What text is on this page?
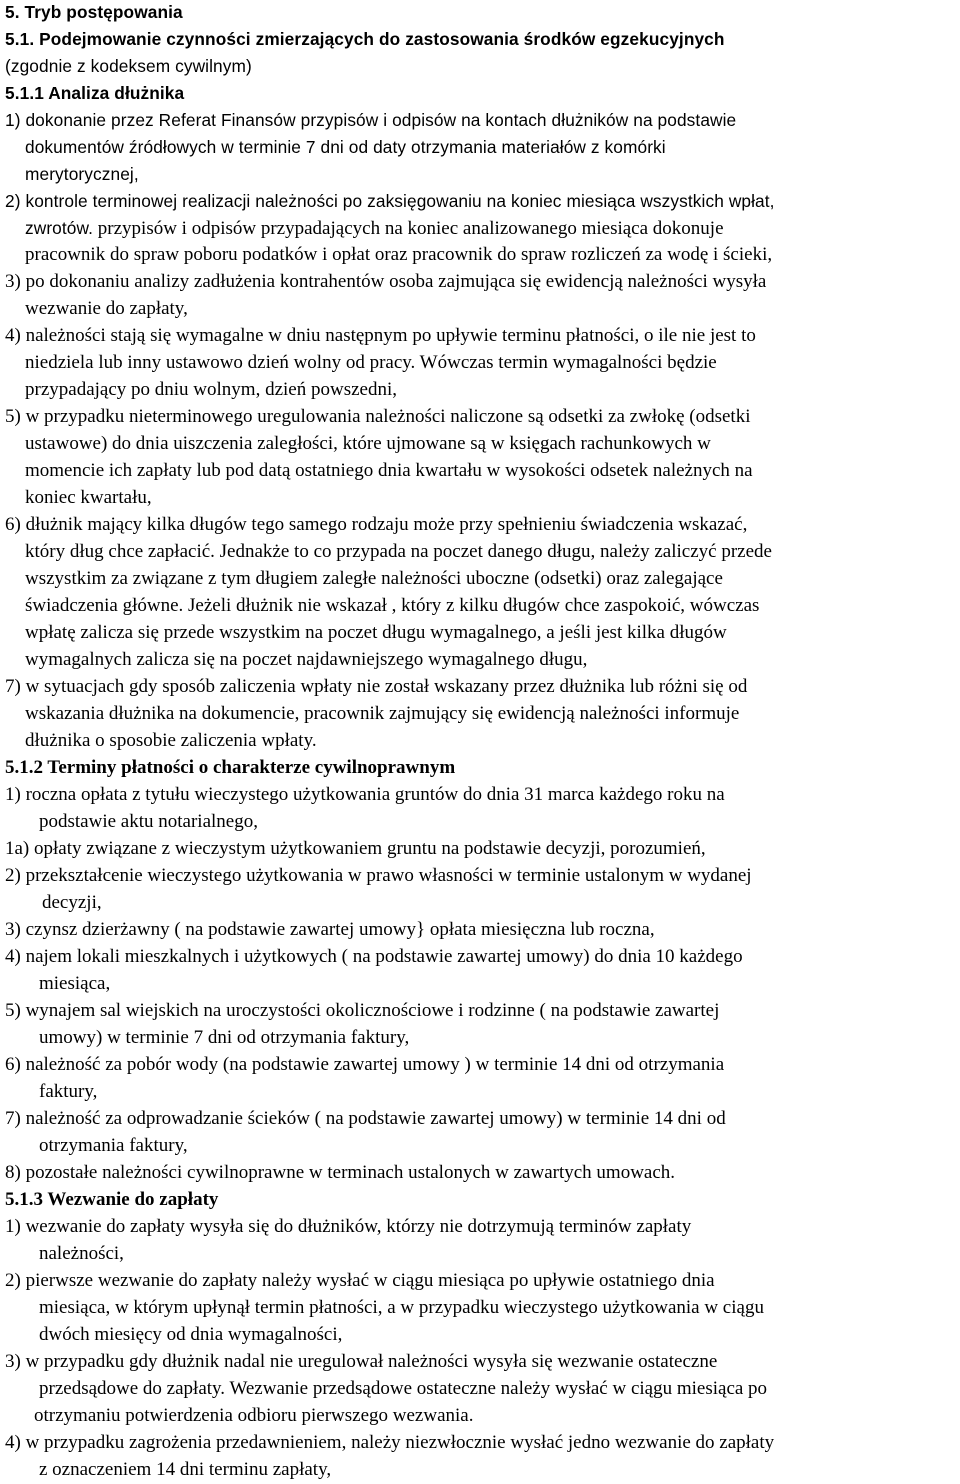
5. Tryb postępowania
5.1. Podejmowanie czynności zmierzających do zastosowania środków egzekucyjnych
(zgodnie z kodeksem cywilnym)
5.1.1 Analiza dłużnika
1) dokonanie przez Referat Finansów przypisów i odpisów na kontach dłużników na podstawie
dokumentów źródłowych w terminie 7 dni od daty otrzymania materiałów z komórki
merytorycznej,
2) kontrole terminowej realizacji należności po zaksięgowaniu na koniec miesiąca wszystkich wpłat,
zwrotów. przypisów i odpisów przypadających na koniec analizowanego miesiąca dokonuje
pracownik do spraw poboru podatków i opłat oraz pracownik do spraw rozliczeń za wodę i ścieki,
3) po dokonaniu analizy zadłużenia kontrahentów osoba zajmująca się ewidencją należności wysyła
wezwanie do zapłaty,
4) należności stają się wymagalne w dniu następnym po upływie terminu płatności, o ile nie jest to
niedziela lub inny ustawowo dzień wolny od pracy. Wówczas termin wymagalności będzie
przypadający po dniu wolnym, dzień powszedni,
5) w przypadku nieterminowego uregulowania należności naliczone są odsetki za zwłokę (odsetki
ustawowe) do dnia uiszczenia zaległości, które ujmowane są w księgach rachunkowych w
momencie ich zapłaty lub pod datą ostatniego dnia kwartału w wysokości odsetek należnych na
koniec kwartału,
6) dłużnik mający kilka długów tego samego rodzaju może przy spełnieniu świadczenia wskazać,
który dług chce zapłacić. Jednakże to co przypada na poczet danego długu, należy zaliczyć przede
wszystkim za związane z tym długiem zaległe należności uboczne (odsetki) oraz zalegające
świadczenia główne. Jeżeli dłużnik nie wskazał , który z kilku długów chce zaspokoić, wówczas
wpłatę zalicza się przede wszystkim na poczet długu wymagalnego, a jeśli jest kilka długów
wymagalnych zalicza się na poczet najdawniejszego wymagalnego długu,
7) w sytuacjach gdy sposób zaliczenia wpłaty nie został wskazany przez dłużnika lub różni się od
wskazania dłużnika na dokumencie, pracownik zajmujący się ewidencją należności informuje
dłużnika o sposobie zaliczenia wpłaty.
5.1.2 Terminy płatności o charakterze cywilnoprawnym
1) roczna opłata z tytułu wieczystego użytkowania gruntów do dnia 31 marca każdego roku na
podstawie aktu notarialnego,
1a) opłaty związane z wieczystym użytkowaniem gruntu na podstawie decyzji, porozumień,
2) przekształcenie wieczystego użytkowania w prawo własności w terminie ustalonym w wydanej
decyzji,
3) czynsz dzierżawny ( na podstawie zawartej umowy} opłata miesięczna lub roczna,
4) najem lokali mieszkalnych i użytkowych ( na podstawie zawartej umowy) do dnia 10 każdego
miesiąca,
5) wynajem sal wiejskich na uroczystości okolicznościowe i rodzinne ( na podstawie zawartej
umowy) w terminie 7 dni od otrzymania faktury,
6) należność za pobór wody (na podstawie zawartej umowy ) w terminie 14 dni od otrzymania
faktury,
7) należność za odprowadzanie ścieków ( na podstawie zawartej umowy) w terminie 14 dni od
otrzymania faktury,
8) pozostałe należności cywilnoprawne w terminach ustalonych w zawartych umowach.
5.1.3 Wezwanie do zapłaty
1) wezwanie do zapłaty wysyła się do dłużników, którzy nie dotrzymują terminów zapłaty
należności,
2) pierwsze wezwanie do zapłaty należy wysłać w ciągu miesiąca po upływie ostatniego dnia
miesiąca, w którym upłynął termin płatności, a w przypadku wieczystego użytkowania w ciągu
dwóch miesięcy od dnia wymagalności,
3) w przypadku gdy dłużnik nadal nie uregulował należności wysyła się wezwanie ostateczne
przedsądowe do zapłaty. Wezwanie przedsądowe ostateczne należy wysłać w ciągu miesiąca po
otrzymaniu potwierdzenia odbioru pierwszego wezwania.
4) w przypadku zagrożenia przedawnieniem, należy niezwłocznie wysłać jedno wezwanie do zapłaty
z oznaczeniem 14 dni terminu zapłaty,
